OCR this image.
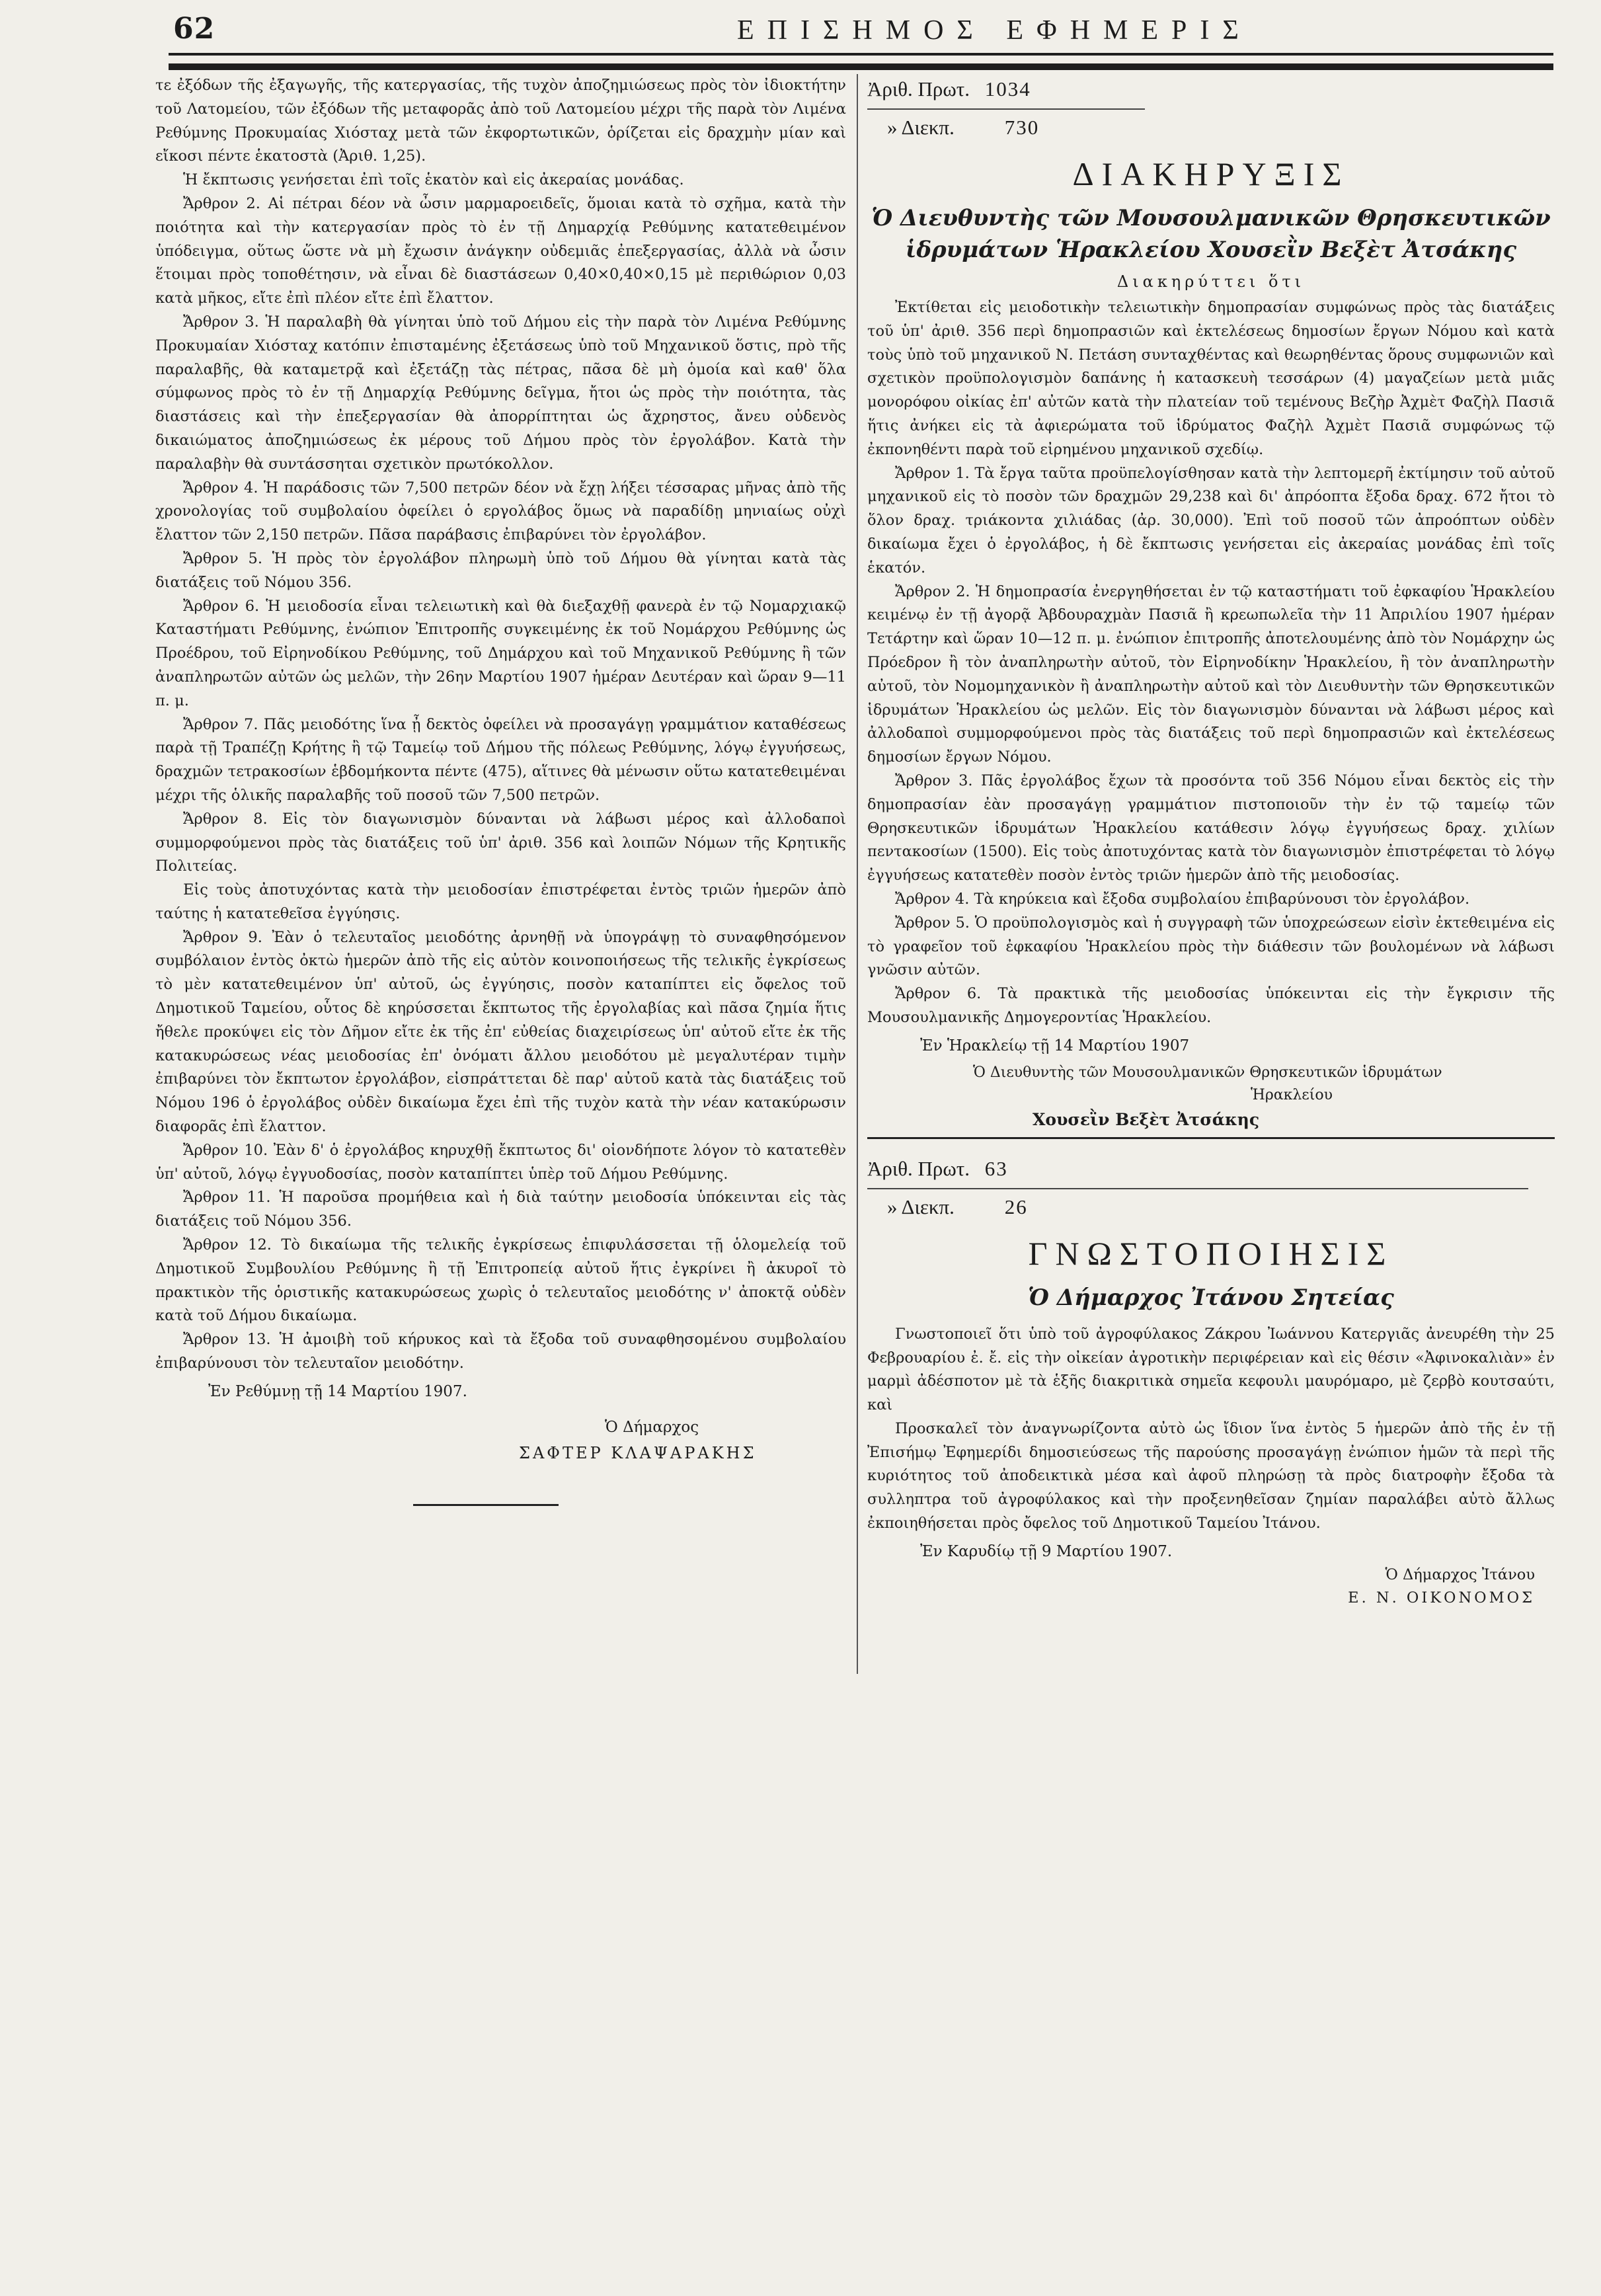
62	ΕΠΙΣΗΜΟΣ ΕΦΗΜΕΡΙΣ

τε ἐξόδων τῆς ἐξαγωγῆς, τῆς κατεργασίας, τῆς τυχὸν ἀποζημιώσεως πρὸς τὸν ἰδιοκτήτην τοῦ Λατομείου, τῶν ἐξόδων τῆς μεταφορᾶς ἀπὸ τοῦ Λατομείου μέχρι τῆς παρὰ τὸν Λιμένα Ρεθύμνης Προκυμαίας Χιόσταχ μετὰ τῶν ἐκφορτωτικῶν, ὁρίζεται εἰς δραχμὴν μίαν καὶ εἴκοσι πέντε ἑκατοστὰ (Ἀριθ. 1,25).

Ἡ ἔκπτωσις γενήσεται ἐπὶ τοῖς ἑκατὸν καὶ εἰς ἀκεραίας μονάδας.

Ἄρθρον 2. Αἱ πέτραι δέον νὰ ὦσιν μαρμαροειδεῖς, ὅμοιαι κατὰ τὸ σχῆμα, κατὰ τὴν ποιότητα καὶ τὴν κατεργασίαν πρὸς τὸ ἐν τῇ Δημαρχίᾳ Ρεθύμνης κατατεθειμένον ὑπόδειγμα, οὕτως ὥστε νὰ μὴ ἔχωσιν ἀνάγκην οὐδεμιᾶς ἐπεξεργασίας, ἀλλὰ νὰ ὦσιν ἕτοιμαι πρὸς τοποθέτησιν, νὰ εἶναι δὲ διαστάσεων 0,40×0,40×0,15 μὲ περιθώριον 0,03 κατὰ μῆκος, εἴτε ἐπὶ πλέον εἴτε ἐπὶ ἔλαττον.

Ἄρθρον 3. Ἡ παραλαβὴ θὰ γίνηται ὑπὸ τοῦ Δήμου εἰς τὴν παρὰ τὸν Λιμένα Ρεθύμνης Προκυμαίαν Χιόσταχ κατόπιν ἐπισταμένης ἐξετάσεως ὑπὸ τοῦ Μηχανικοῦ ὅστις, πρὸ τῆς παραλαβῆς, θὰ καταμετρᾷ καὶ ἐξετάζῃ τὰς πέτρας, πᾶσα δὲ μὴ ὁμοία καὶ καθ' ὅλα σύμφωνος πρὸς τὸ ἐν τῇ Δημαρχίᾳ Ρεθύμνης δεῖγμα, ἤτοι ὡς πρὸς τὴν ποιότητα, τὰς διαστάσεις καὶ τὴν ἐπεξεργασίαν θὰ ἀπορρίπτηται ὡς ἄχρηστος, ἄνευ οὐδενὸς δικαιώματος ἀποζημιώσεως ἐκ μέρους τοῦ Δήμου πρὸς τὸν ἐργολάβον. Κατὰ τὴν παραλαβὴν θὰ συντάσσηται σχετικὸν πρωτόκολλον.

Ἄρθρον 4. Ἡ παράδοσις τῶν 7,500 πετρῶν δέον νὰ ἔχῃ λήξει τέσσαρας μῆνας ἀπὸ τῆς χρονολογίας τοῦ συμβολαίου ὀφείλει ὁ εργολάβος ὅμως νὰ παραδίδῃ μηνιαίως οὐχὶ ἔλαττον τῶν 2,150 πετρῶν. Πᾶσα παράβασις ἐπιβαρύνει τὸν ἐργολάβον.

Ἄρθρον 5. Ἡ πρὸς τὸν ἐργολάβον πληρωμὴ ὑπὸ τοῦ Δήμου θὰ γίνηται κατὰ τὰς διατάξεις τοῦ Νόμου 356.

Ἄρθρον 6. Ἡ μειοδοσία εἶναι τελειωτικὴ καὶ θὰ διεξαχθῇ φανερὰ ἐν τῷ Νομαρχιακῷ Καταστήματι Ρεθύμνης, ἐνώπιον Ἐπιτροπῆς συγκειμένης ἐκ τοῦ Νομάρχου Ρεθύμνης ὡς Προέδρου, τοῦ Εἰρηνοδίκου Ρεθύμνης, τοῦ Δημάρχου καὶ τοῦ Μηχανικοῦ Ρεθύμνης ἢ τῶν ἀναπληρωτῶν αὐτῶν ὡς μελῶν, τὴν 26ην Μαρτίου 1907 ἡμέραν Δευτέραν καὶ ὥραν 9—11 π. μ.

Ἄρθρον 7. Πᾶς μειοδότης ἵνα ᾖ δεκτὸς ὀφείλει νὰ προσαγάγῃ γραμμάτιον καταθέσεως παρὰ τῇ Τραπέζῃ Κρήτης ἢ τῷ Ταμείῳ τοῦ Δήμου τῆς πόλεως Ρεθύμνης, λόγῳ ἐγγυήσεως, δραχμῶν τετρακοσίων ἑβδομήκοντα πέντε (475), αἵτινες θὰ μένωσιν οὕτω κατατεθειμέναι μέχρι τῆς ὁλικῆς παραλαβῆς τοῦ ποσοῦ τῶν 7,500 πετρῶν.

Ἄρθρον 8. Εἰς τὸν διαγωνισμὸν δύνανται νὰ λάβωσι μέρος καὶ ἀλλοδαποὶ συμμορφούμενοι πρὸς τὰς διατάξεις τοῦ ὑπ' ἀριθ. 356 καὶ λοιπῶν Νόμων τῆς Κρητικῆς Πολιτείας.

Εἰς τοὺς ἀποτυχόντας κατὰ τὴν μειοδοσίαν ἐπιστρέφεται ἐντὸς τριῶν ἡμερῶν ἀπὸ ταύτης ἡ κατατεθεῖσα ἐγγύησις.

Ἄρθρον 9. Ἐὰν ὁ τελευταῖος μειοδότης ἀρνηθῇ νὰ ὑπογράψῃ τὸ συναφθησόμενον συμβόλαιον ἐντὸς ὀκτὼ ἡμερῶν ἀπὸ τῆς εἰς αὐτὸν κοινοποιήσεως τῆς τελικῆς ἐγκρίσεως τὸ μὲν κατατεθειμένον ὑπ' αὐτοῦ, ὡς ἐγγύησις, ποσὸν καταπίπτει εἰς ὄφελος τοῦ Δημοτικοῦ Ταμείου, οὗτος δὲ κηρύσσεται ἔκπτωτος τῆς ἐργολαβίας καὶ πᾶσα ζημία ἥτις ἤθελε προκύψει εἰς τὸν Δῆμον εἴτε ἐκ τῆς ἐπ' εὐθείας διαχειρίσεως ὑπ' αὐτοῦ εἴτε ἐκ τῆς κατακυρώσεως νέας μειοδοσίας ἐπ' ὀνόματι ἄλλου μειοδότου μὲ μεγαλυτέραν τιμὴν ἐπιβαρύνει τὸν ἔκπτωτον ἐργολάβον, εἰσπράττεται δὲ παρ' αὐτοῦ κατὰ τὰς διατάξεις τοῦ Νόμου 196 ὁ ἐργολάβος οὐδὲν δικαίωμα ἔχει ἐπὶ τῆς τυχὸν κατὰ τὴν νέαν κατακύρωσιν διαφορᾶς ἐπὶ ἔλαττον.

Ἄρθρον 10. Ἐὰν δ' ὁ ἐργολάβος κηρυχθῇ ἔκπτωτος δι' οἱονδήποτε λόγον τὸ κατατεθὲν ὑπ' αὐτοῦ, λόγῳ ἐγγυοδοσίας, ποσὸν καταπίπτει ὑπὲρ τοῦ Δήμου Ρεθύμνης.

Ἄρθρον 11. Ἡ παροῦσα προμήθεια καὶ ἡ διὰ ταύτην μειοδοσία ὑπόκεινται εἰς τὰς διατάξεις τοῦ Νόμου 356.

Ἄρθρον 12. Τὸ δικαίωμα τῆς τελικῆς ἐγκρίσεως ἐπιφυλάσσεται τῇ ὁλομελείᾳ τοῦ Δημοτικοῦ Συμβουλίου Ρεθύμνης ἢ τῇ Ἐπιτροπείᾳ αὐτοῦ ἥτις ἐγκρίνει ἢ ἀκυροῖ τὸ πρακτικὸν τῆς ὁριστικῆς κατακυρώσεως χωρὶς ὁ τελευταῖος μειοδότης ν' ἀποκτᾷ οὐδὲν κατὰ τοῦ Δήμου δικαίωμα.

Ἄρθρον 13. Ἡ ἀμοιβὴ τοῦ κήρυκος καὶ τὰ ἔξοδα τοῦ συναφθησομένου συμβολαίου ἐπιβαρύνουσι τὸν τελευταῖον μειοδότην.

Ἐν Ρεθύμνῃ τῇ 14 Μαρτίου 1907.

Ὁ Δήμαρχος

ΣΑΦΤΕΡ ΚΛΑΨΑΡΑΚΗΣ

Ἀριθ. Πρωτ. 1034

» Διεκπ. 730

ΔΙΑΚΗΡΥΞΙΣ

Ὁ Διευθυντὴς τῶν Μουσουλμανικῶν Θρησκευτικῶν ἱδρυμάτων Ἡρακλείου Χουσεῒν Βεξὲτ Ἀτσάκης

Διακηρύττει ὅτι

Ἐκτίθεται εἰς μειοδοτικὴν τελειωτικὴν δημοπρασίαν συμφώνως πρὸς τὰς διατάξεις τοῦ ὑπ' ἀριθ. 356 περὶ δημοπρασιῶν καὶ ἐκτελέσεως δημοσίων ἔργων Νόμου καὶ κατὰ τοὺς ὑπὸ τοῦ μηχανικοῦ Ν. Πετάση συνταχθέντας καὶ θεωρηθέντας ὅρους συμφωνιῶν καὶ σχετικὸν προϋπολογισμὸν δαπάνης ἡ κατασκευὴ τεσσάρων (4) μαγαζείων μετὰ μιᾶς μονορόφου οἰκίας ἐπ' αὐτῶν κατὰ τὴν πλατείαν τοῦ τεμένους Βεζὴρ Ἀχμὲτ Φαζὴλ Πασιᾶ ἥτις ἀνήκει εἰς τὰ ἀφιερώματα τοῦ ἱδρύματος Φαζὴλ Ἀχμὲτ Πασιᾶ συμφώνως τῷ ἐκπονηθέντι παρὰ τοῦ εἰρημένου μηχανικοῦ σχεδίῳ.

Ἄρθρον 1. Τὰ ἔργα ταῦτα προϋπελογίσθησαν κατὰ τὴν λεπτομερῆ ἐκτίμησιν τοῦ αὐτοῦ μηχανικοῦ εἰς τὸ ποσὸν τῶν δραχμῶν 29,238 καὶ δι' ἀπρόοπτα ἔξοδα δραχ. 672 ἤτοι τὸ ὅλον δραχ. τριάκοντα χιλιάδας (ἀρ. 30,000). Ἐπὶ τοῦ ποσοῦ τῶν ἀπροόπτων οὐδὲν δικαίωμα ἔχει ὁ ἐργολάβος, ἡ δὲ ἔκπτωσις γενήσεται εἰς ἀκεραίας μονάδας ἐπὶ τοῖς ἑκατόν.

Ἄρθρον 2. Ἡ δημοπρασία ἐνεργηθήσεται ἐν τῷ καταστήματι τοῦ ἐφκαφίου Ἡρακλείου κειμένῳ ἐν τῇ ἀγορᾷ Ἀβδουραχμὰν Πασιᾶ ἢ κρεωπωλεῖα τὴν 11 Ἀπριλίου 1907 ἡμέραν Τετάρτην καὶ ὥραν 10—12 π. μ. ἐνώπιον ἐπιτροπῆς ἀποτελουμένης ἀπὸ τὸν Νομάρχην ὡς Πρόεδρον ἢ τὸν ἀναπληρωτὴν αὐτοῦ, τὸν Εἰρηνοδίκην Ἡρακλείου, ἢ τὸν ἀναπληρωτὴν αὐτοῦ, τὸν Νομομηχανικὸν ἢ ἀναπληρωτὴν αὐτοῦ καὶ τὸν Διευθυντὴν τῶν Θρησκευτικῶν ἱδρυμάτων Ἡρακλείου ὡς μελῶν. Εἰς τὸν διαγωνισμὸν δύνανται νὰ λάβωσι μέρος καὶ ἀλλοδαποὶ συμμορφούμενοι πρὸς τὰς διατάξεις τοῦ περὶ δημοπρασιῶν καὶ ἐκτελέσεως δημοσίων ἔργων Νόμου.

Ἄρθρον 3. Πᾶς ἐργολάβος ἔχων τὰ προσόντα τοῦ 356 Νόμου εἶναι δεκτὸς εἰς τὴν δημοπρασίαν ἐὰν προσαγάγῃ γραμμάτιον πιστοποιοῦν τὴν ἐν τῷ ταμείῳ τῶν Θρησκευτικῶν ἱδρυμάτων Ἡρακλείου κατάθεσιν λόγῳ ἐγγυήσεως δραχ. χιλίων πεντακοσίων (1500). Εἰς τοὺς ἀποτυχόντας κατὰ τὸν διαγωνισμὸν ἐπιστρέφεται τὸ λόγῳ ἐγγυήσεως κατατεθὲν ποσὸν ἐντὸς τριῶν ἡμερῶν ἀπὸ τῆς μειοδοσίας.

Ἄρθρον 4. Τὰ κηρύκεια καὶ ἔξοδα συμβολαίου ἐπιβαρύνουσι τὸν ἐργολάβον.

Ἄρθρον 5. Ὁ προϋπολογισμὸς καὶ ἡ συγγραφὴ τῶν ὑποχρεώσεων εἰσὶν ἐκτεθειμένα εἰς τὸ γραφεῖον τοῦ ἐφκαφίου Ἡρακλείου πρὸς τὴν διάθεσιν τῶν βουλομένων νὰ λάβωσι γνῶσιν αὐτῶν.

Ἄρθρον 6. Τὰ πρακτικὰ τῆς μειοδοσίας ὑπόκεινται εἰς τὴν ἔγκρισιν τῆς Μουσουλμανικῆς Δημογεροντίας Ἡρακλείου.

Ἐν Ἡρακλείῳ τῇ 14 Μαρτίου 1907

Ὁ Διευθυντὴς τῶν Μουσουλμανικῶν Θρησκευτικῶν ἱδρυμάτων

Ἡρακλείου

Χουσεῒν Βεξὲτ Ἀτσάκης

Ἀριθ. Πρωτ. 63

» Διεκπ. 26

ΓΝΩΣΤΟΠΟΙΗΣΙΣ

Ὁ Δήμαρχος Ἰτάνου Σητείας

Γνωστοποιεῖ ὅτι ὑπὸ τοῦ ἀγροφύλακος Ζάκρου Ἰωάννου Κατεργιᾶς ἀνευρέθη τὴν 25 Φεβρουαρίου ἐ. ἔ. εἰς τὴν οἰκείαν ἀγροτικὴν περιφέρειαν καὶ εἰς θέσιν «Ἀφινοκαλιὰν» ἐν μαρμὶ ἀδέσποτον μὲ τὰ ἑξῆς διακριτικὰ σημεῖα κεφουλι μαυρόμαρο, μὲ ζερβὸ κουτσαύτι, καὶ

Προσκαλεῖ τὸν ἀναγνωρίζοντα αὐτὸ ὡς ἴδιον ἵνα ἐντὸς 5 ἡμερῶν ἀπὸ τῆς ἐν τῇ Ἐπισήμῳ Ἐφημερίδι δημοσιεύσεως τῆς παρούσης προσαγάγῃ ἐνώπιον ἡμῶν τὰ περὶ τῆς κυριότητος τοῦ ἀποδεικτικὰ μέσα καὶ ἀφοῦ πληρώσῃ τὰ πρὸς διατροφὴν ἔξοδα τὰ συλληπτρα τοῦ ἀγροφύλακος καὶ τὴν προξενηθεῖσαν ζημίαν παραλάβει αὐτὸ ἄλλως ἐκποιηθήσεται πρὸς ὄφελος τοῦ Δημοτικοῦ Ταμείου Ἰτάνου.

Ἐν Καρυδίῳ τῇ 9 Μαρτίου 1907.

Ὁ Δήμαρχος Ἰτάνου

Ε. Ν. ΟΙΚΟΝΟΜΟΣ
